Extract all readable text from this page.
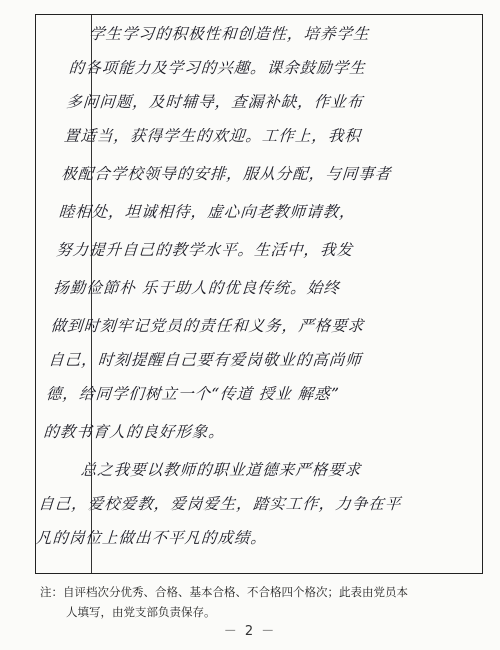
学生学习的积极性和创造性，培养学生
的各项能力及学习的兴趣。课余鼓励学生
多问问题，及时辅导，查漏补缺，作业布
置适当，获得学生的欢迎。工作上，我积
极配合学校领导的安排，服从分配，与同事者
睦相处，坦诚相待，虚心向老教师请教，
努力提升自己的教学水平。生活中，我发
扬勤俭節朴 乐于助人的优良传统。始终
做到时刻牢记党员的责任和义务，严格要求
自己，时刻提醒自己要有爱岗敬业的高尚师
德，给同学们树立一个“传道 授业 解惑”
的教书育人的良好形象。
总之我要以教师的职业道德来严格要求
自己，爱校爱教，爱岗爱生，踏实工作，力争在平
凡的岗位上做出不平凡的成绩。
注：自评档次分优秀、合格、基本合格、不合格四个格次；此表由党员本
人填写，由党支部负责保存。
－ 2 －
